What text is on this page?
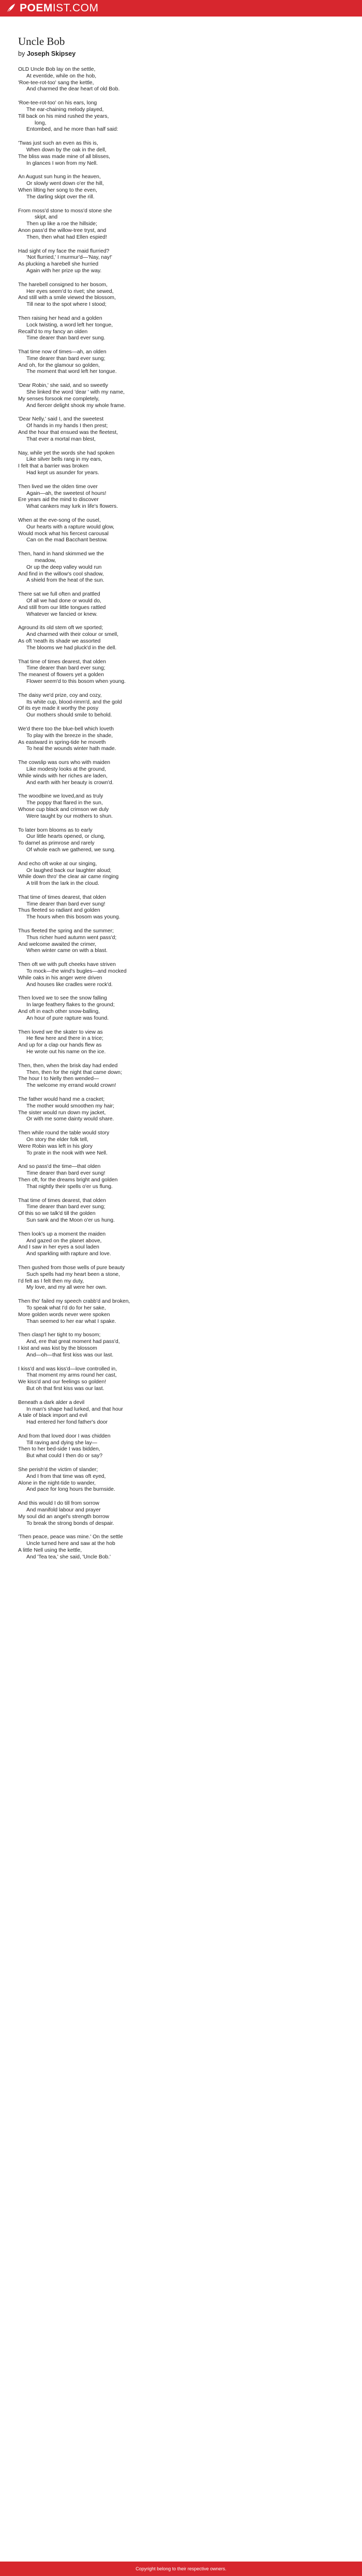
POEMIST.COM
Uncle Bob
by Joseph Skipsey
OLD Uncle Bob lay on the settle,
At eventide, while on the hob,
'Roe-tee-rot-too' sang the kettle,
And charmed the dear heart of old Bob.
'Roe-tee-rot-too' on his ears, long
The ear-chaining melody played,
Till back on his mind rushed the years,
long,
Entombed, and he more than half said:
'Twas just such an even as this is,
When down by the oak in the dell,
The bliss was made mine of all blisses,
In glances I won from my Nell.
An August sun hung in the heaven,
Or slowly went down o'er the hill,
When lilting her song to the even,
The darling skipt over the rill.
From moss'd stone to moss'd stone she
skipt, and
Then up like a roe the hillside;
Anon pass'd the willow-tree tryst, and
Then, then what had Ellen espied!
Had sight of my face the maid flurried?
'Not flurried,' I murmur'd—'Nay, nay!'
As plucking a harebell she hurried
Again with her prize up the way.
The harebell consigned to her bosom,
Her eyes seem'd to rivet; she sewed,
And still with a smile viewed the blossom,
Till near to the spot where I stood;
Then raising her head and a golden
Lock twisting, a word left her tongue,
Recall'd to my fancy an olden
Time dearer than bard ever sung.
That time now of times—ah, an olden
Time dearer than bard ever sung;
And oh, for the glamour so golden,
The moment that word left her tongue.
'Dear Robin,' she said, and so sweetly
She linked the word 'dear ' with my name,
My senses forsook me completely,
And fiercer delight shook my whole frame.
'Dear Nelly,' said I, and the sweetest
Of hands in my hands I then prest;
And the hour that ensued was the fleetest,
That ever a mortal man blest,
Nay, while yet the words she had spoken
Like silver bells rang in my ears,
I felt that a barrier was broken
Had kept us asunder for years.
Then lived we the olden time over
Again—ah, the sweetest of hours!
Ere years aid the mind to discover
What cankers may lurk in life's flowers.
When at the eve-song of the ousel,
Our hearts with a rapture would glow,
Would mock what his fiercest carousal
Can on the mad Bacchant bestow.
Then, hand in hand skimmed we the
meadow,
Or up the deep valley would run
And find in the willow's cool shadow,
A shield from the heat of the sun.
There sat we full often and prattled
Of all we had done or would do,
And still from our little tongues rattled
Whatever we fancied or knew.
Aground its old stem oft we sported;
And charmed with their colour or smell,
As oft 'neath its shade we assorted
The blooms we had pluck'd in the dell.
That time of times dearest, that olden
Time dearer than bard ever sung;
The meanest of flowers yet a golden
Flower seem'd to this bosom when young.
The daisy we'd prize, coy and cozy,
Its white cup, blood-rimm'd, and the gold
Of its eye made it worthy the posy
Our mothers should smile to behold.
We'd there too the blue-bell which loveth
To play with the breeze in the shade,
As eastward in spring-tide he moveth
To heal the wounds winter hath made.
The cowslip was ours who with maiden
Like modesty looks at the ground,
While winds with her riches are laden,
And earth with her beauty is crown'd.
The woodbine we loved,and as truly
The poppy that flared in the sun,
Whose cup black and crimson we duly
Were taught by our mothers to shun.
To later born blooms as to early
Our little hearts opened, or clung,
To darnel as primrose and rarely
Of whole each we gathered, we sung.
And echo oft woke at our singing,
Or laughed back our laughter aloud;
While down thro' the clear air came ringing
A trill from the lark in the cloud.
That time of times dearest, that olden
Time dearer than bard ever sung!
Thus fleeted so radiant and golden
The hours when this bosom was young.
Thus fleeted the spring and the summer;
Thus richer hued autumn went pass'd;
And welcome awaited the crimer,
When winter came on with a blast.
Then oft we with puft cheeks have striven
To mock—the wind's bugles—and mocked
While oaks in his anger were driven
And houses like cradles were rock'd.
Then loved we to see the snow falling
In large feathery flakes to the ground;
And oft in each other snow-balling,
An hour of pure rapture was found.
Then loved we the skater to view as
He flew here and there in a trice;
And up for a clap our hands flew as
He wrote out his name on the ice.
Then, then, when the brisk day had ended
Then, then for the night that came down;
The hour I to Nelly then wended—
The welcome my errand would crown!
The father would hand me a cracket;
The mother would smoothen my hair;
The sister would run down my jacket,
Or with me some dainty would share.
Then while round the table would story
On story the elder folk tell,
Were Robin was left in his glory
To prate in the nook with wee Nell.
And so pass'd the time—that olden
Time dearer than bard ever sung!
Then oft, for the dreams bright and golden
That nightly their spells o'er us flung.
That time of times dearest, that olden
Time dearer than bard ever sung;
Of this so we talk'd till the golden
Sun sank and the Moon o'er us hung.
Then look's up a moment the maiden
And gazed on the planet above,
And I saw in her eyes a soul laden
And sparkling with rapture and love.
Then gushed from those wells of pure beauty
Such spells had my heart been a stone,
I'd felt as I felt then my duty,
My love, and my all were her own.
Then tho' failed my speech crabb'd and broken,
To speak what I'd do for her sake,
More golden words never were spoken
Than seemed to her ear what I spake.
Then clasp'l her tight to my bosom;
And, ere that great moment had pass'd,
I kist and was kist by the blossom
And—oh—that first kiss was our last.
I kiss'd and was kiss'd—love controlled in,
That moment my arms round her cast,
We kiss'd and our feelings so golden!
But oh that first kiss was our last.
Beneath a dark alder a devil
In man's shape had lurked, and that hour
A tale of black import and evil
Had entered her fond father's door
And from that loved door I was chidden
Till raving and dying she lay—
Then to her bed-side I was bidden,
But what could I then do or say?
She perish'd the victim of slander;
And I from that time was oft eyed,
Alone in the night-tide to wander,
And pace for long hours the burnside.
And this would I do till from sorrow
And manifold labour and prayer
My soul did an angel's strength borrow
To break the strong bonds of despair.
'Then peace, peace was mine.' On the settle
Uncle turned here and saw at the hob
A little Nell using the kettle,
And 'Tea tea,' she said, 'Uncle Bob.'
Copyright belong to their respective owners.
